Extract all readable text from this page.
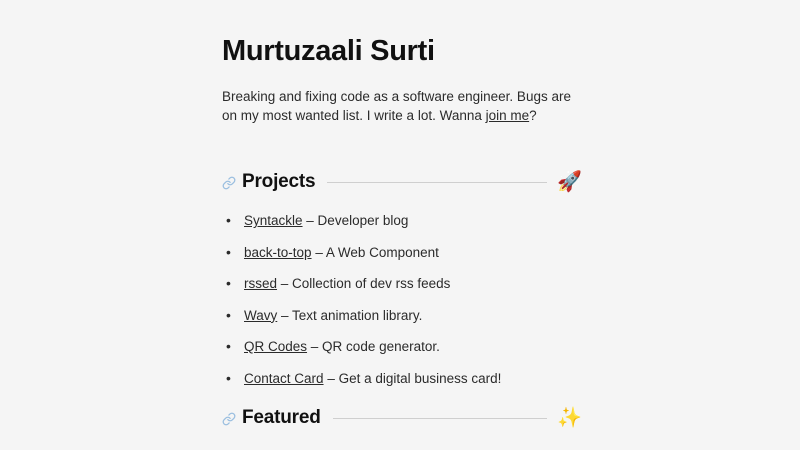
Murtuzaali Surti

Breaking and fixing code as a software engineer. Bugs are on my most wanted list. I write a lot. Wanna join me?

Projects	🚀
• Syntackle – Developer blog
• back-to-top – A Web Component
• rssed – Collection of dev rss feeds
• Wavy – Text animation library.
• QR Codes – QR code generator.
• Contact Card – Get a digital business card!
Featured	✨
